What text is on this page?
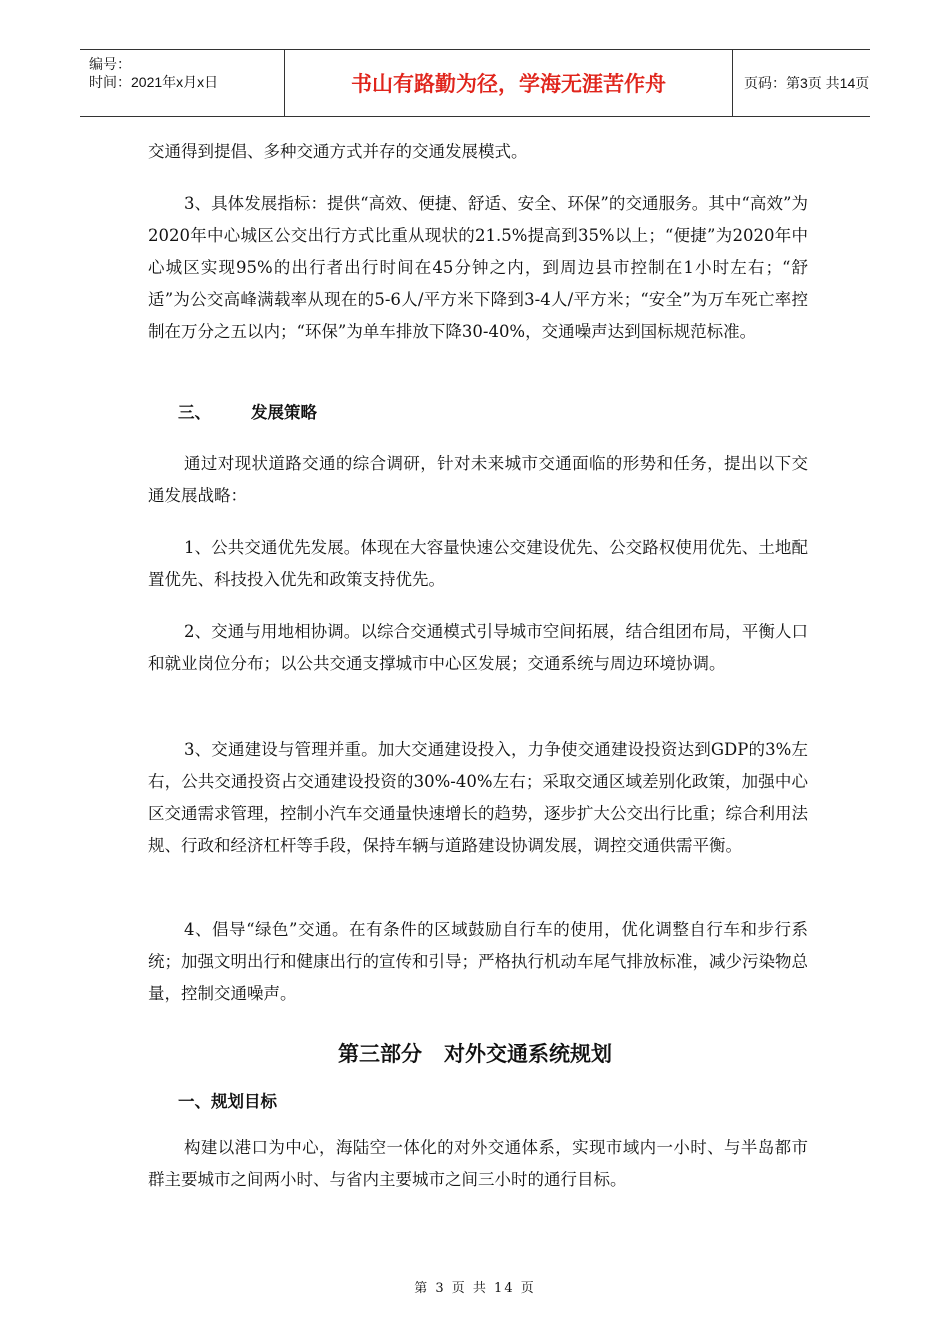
编号：
时间：2021年x月x日	书山有路勤为径，学海无涯苦作舟	页码：第3页 共14页

交通得到提倡、多种交通方式并存的交通发展模式。

3、具体发展指标：提供“高效、便捷、舒适、安全、环保”的交通服务。其中“高效”为2020年中心城区公交出行方式比重从现状的21.5%提高到35%以上；“便捷”为2020年中心城区实现95%的出行者出行时间在45分钟之内，到周边县市控制在1小时左右；“舒适”为公交高峰满载率从现在的5-6人/平方米下降到3-4人/平方米；“安全”为万车死亡率控制在万分之五以内；“环保”为单车排放下降30-40%，交通噪声达到国标规范标准。

三、 发展策略

通过对现状道路交通的综合调研，针对未来城市交通面临的形势和任务，提出以下交通发展战略：

1、公共交通优先发展。体现在大容量快速公交建设优先、公交路权使用优先、土地配置优先、科技投入优先和政策支持优先。

2、交通与用地相协调。以综合交通模式引导城市空间拓展，结合组团布局，平衡人口和就业岗位分布；以公共交通支撑城市中心区发展；交通系统与周边环境协调。

3、交通建设与管理并重。加大交通建设投入，力争使交通建设投资达到GDP的3%左右，公共交通投资占交通建设投资的30%-40%左右；采取交通区域差别化政策，加强中心区交通需求管理，控制小汽车交通量快速增长的趋势，逐步扩大公交出行比重；综合利用法规、行政和经济杠杆等手段，保持车辆与道路建设协调发展，调控交通供需平衡。

4、倡导“绿色”交通。在有条件的区域鼓励自行车的使用，优化调整自行车和步行系统；加强文明出行和健康出行的宣传和引导；严格执行机动车尾气排放标准，减少污染物总量，控制交通噪声。

第三部分 对外交通系统规划
一、规划目标

构建以港口为中心，海陆空一体化的对外交通体系，实现市域内一小时、与半岛都市群主要城市之间两小时、与省内主要城市之间三小时的通行目标。

第 3 页 共 14 页
